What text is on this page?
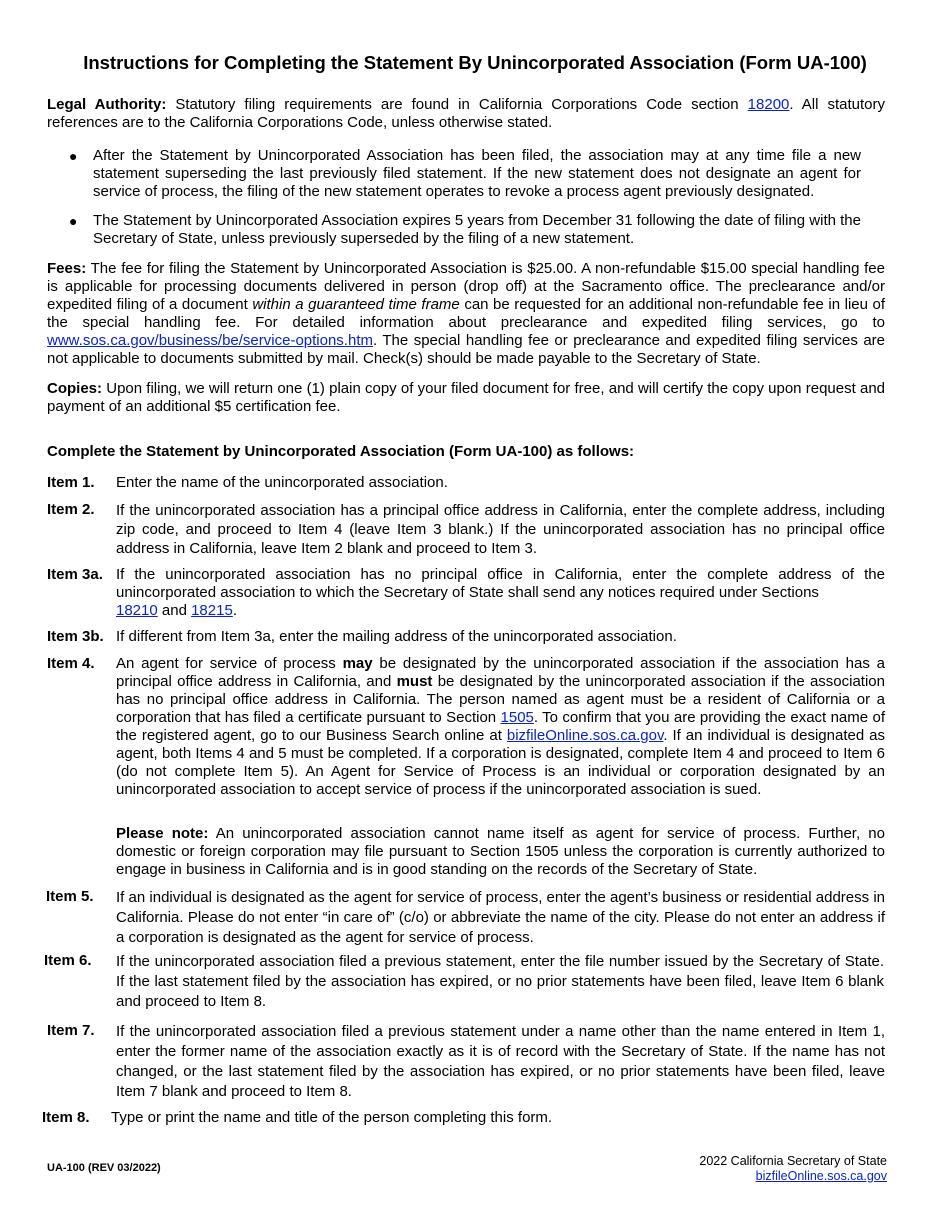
Instructions for Completing the Statement By Unincorporated Association (Form UA-100)
Legal Authority: Statutory filing requirements are found in California Corporations Code section 18200. All statutory references are to the California Corporations Code, unless otherwise stated.
● After the Statement by Unincorporated Association has been filed, the association may at any time file a new statement superseding the last previously filed statement. If the new statement does not designate an agent for service of process, the filing of the new statement operates to revoke a process agent previously designated.
● The Statement by Unincorporated Association expires 5 years from December 31 following the date of filing with the Secretary of State, unless previously superseded by the filing of a new statement.
Fees: The fee for filing the Statement by Unincorporated Association is $25.00. A non-refundable $15.00 special handling fee is applicable for processing documents delivered in person (drop off) at the Sacramento office. The preclearance and/or expedited filing of a document within a guaranteed time frame can be requested for an additional non-refundable fee in lieu of the special handling fee. For detailed information about preclearance and expedited filing services, go to www.sos.ca.gov/business/be/service-options.htm. The special handling fee or preclearance and expedited filing services are not applicable to documents submitted by mail. Check(s) should be made payable to the Secretary of State.
Copies: Upon filing, we will return one (1) plain copy of your filed document for free, and will certify the copy upon request and payment of an additional $5 certification fee.
Complete the Statement by Unincorporated Association (Form UA-100) as follows:
Item 1. Enter the name of the unincorporated association.
Item 2. If the unincorporated association has a principal office address in California, enter the complete address, including zip code, and proceed to Item 4 (leave Item 3 blank.) If the unincorporated association has no principal office address in California, leave Item 2 blank and proceed to Item 3.
Item 3a. If the unincorporated association has no principal office in California, enter the complete address of the unincorporated association to which the Secretary of State shall send any notices required under Sections
18210 and 18215.
Item 3b. If different from Item 3a, enter the mailing address of the unincorporated association.
Item 4. An agent for service of process may be designated by the unincorporated association if the association has a principal office address in California, and must be designated by the unincorporated association if the association has no principal office address in California. The person named as agent must be a resident of California or a corporation that has filed a certificate pursuant to Section 1505. To confirm that you are providing the exact name of the registered agent, go to our Business Search online at bizfileOnline.sos.ca.gov. If an individual is designated as agent, both Items 4 and 5 must be completed. If a corporation is designated, complete Item 4 and proceed to Item 6 (do not complete Item 5). An Agent for Service of Process is an individual or corporation designated by an unincorporated association to accept service of process if the unincorporated association is sued.
Please note: An unincorporated association cannot name itself as agent for service of process. Further, no domestic or foreign corporation may file pursuant to Section 1505 unless the corporation is currently authorized to engage in business in California and is in good standing on the records of the Secretary of State.
Item 5. If an individual is designated as the agent for service of process, enter the agent’s business or residential address in California. Please do not enter “in care of” (c/o) or abbreviate the name of the city. Please do not enter an address if a corporation is designated as the agent for service of process.
Item 6. If the unincorporated association filed a previous statement, enter the file number issued by the Secretary of State. If the last statement filed by the association has expired, or no prior statements have been filed, leave Item 6 blank and proceed to Item 8.
Item 7. If the unincorporated association filed a previous statement under a name other than the name entered in Item 1, enter the former name of the association exactly as it is of record with the Secretary of State. If the name has not changed, or the last statement filed by the association has expired, or no prior statements have been filed, leave Item 7 blank and proceed to Item 8.
Item 8. Type or print the name and title of the person completing this form.
UA-100 (REV 03/2022)	2022 California Secretary of State
bizfileOnline.sos.ca.gov
